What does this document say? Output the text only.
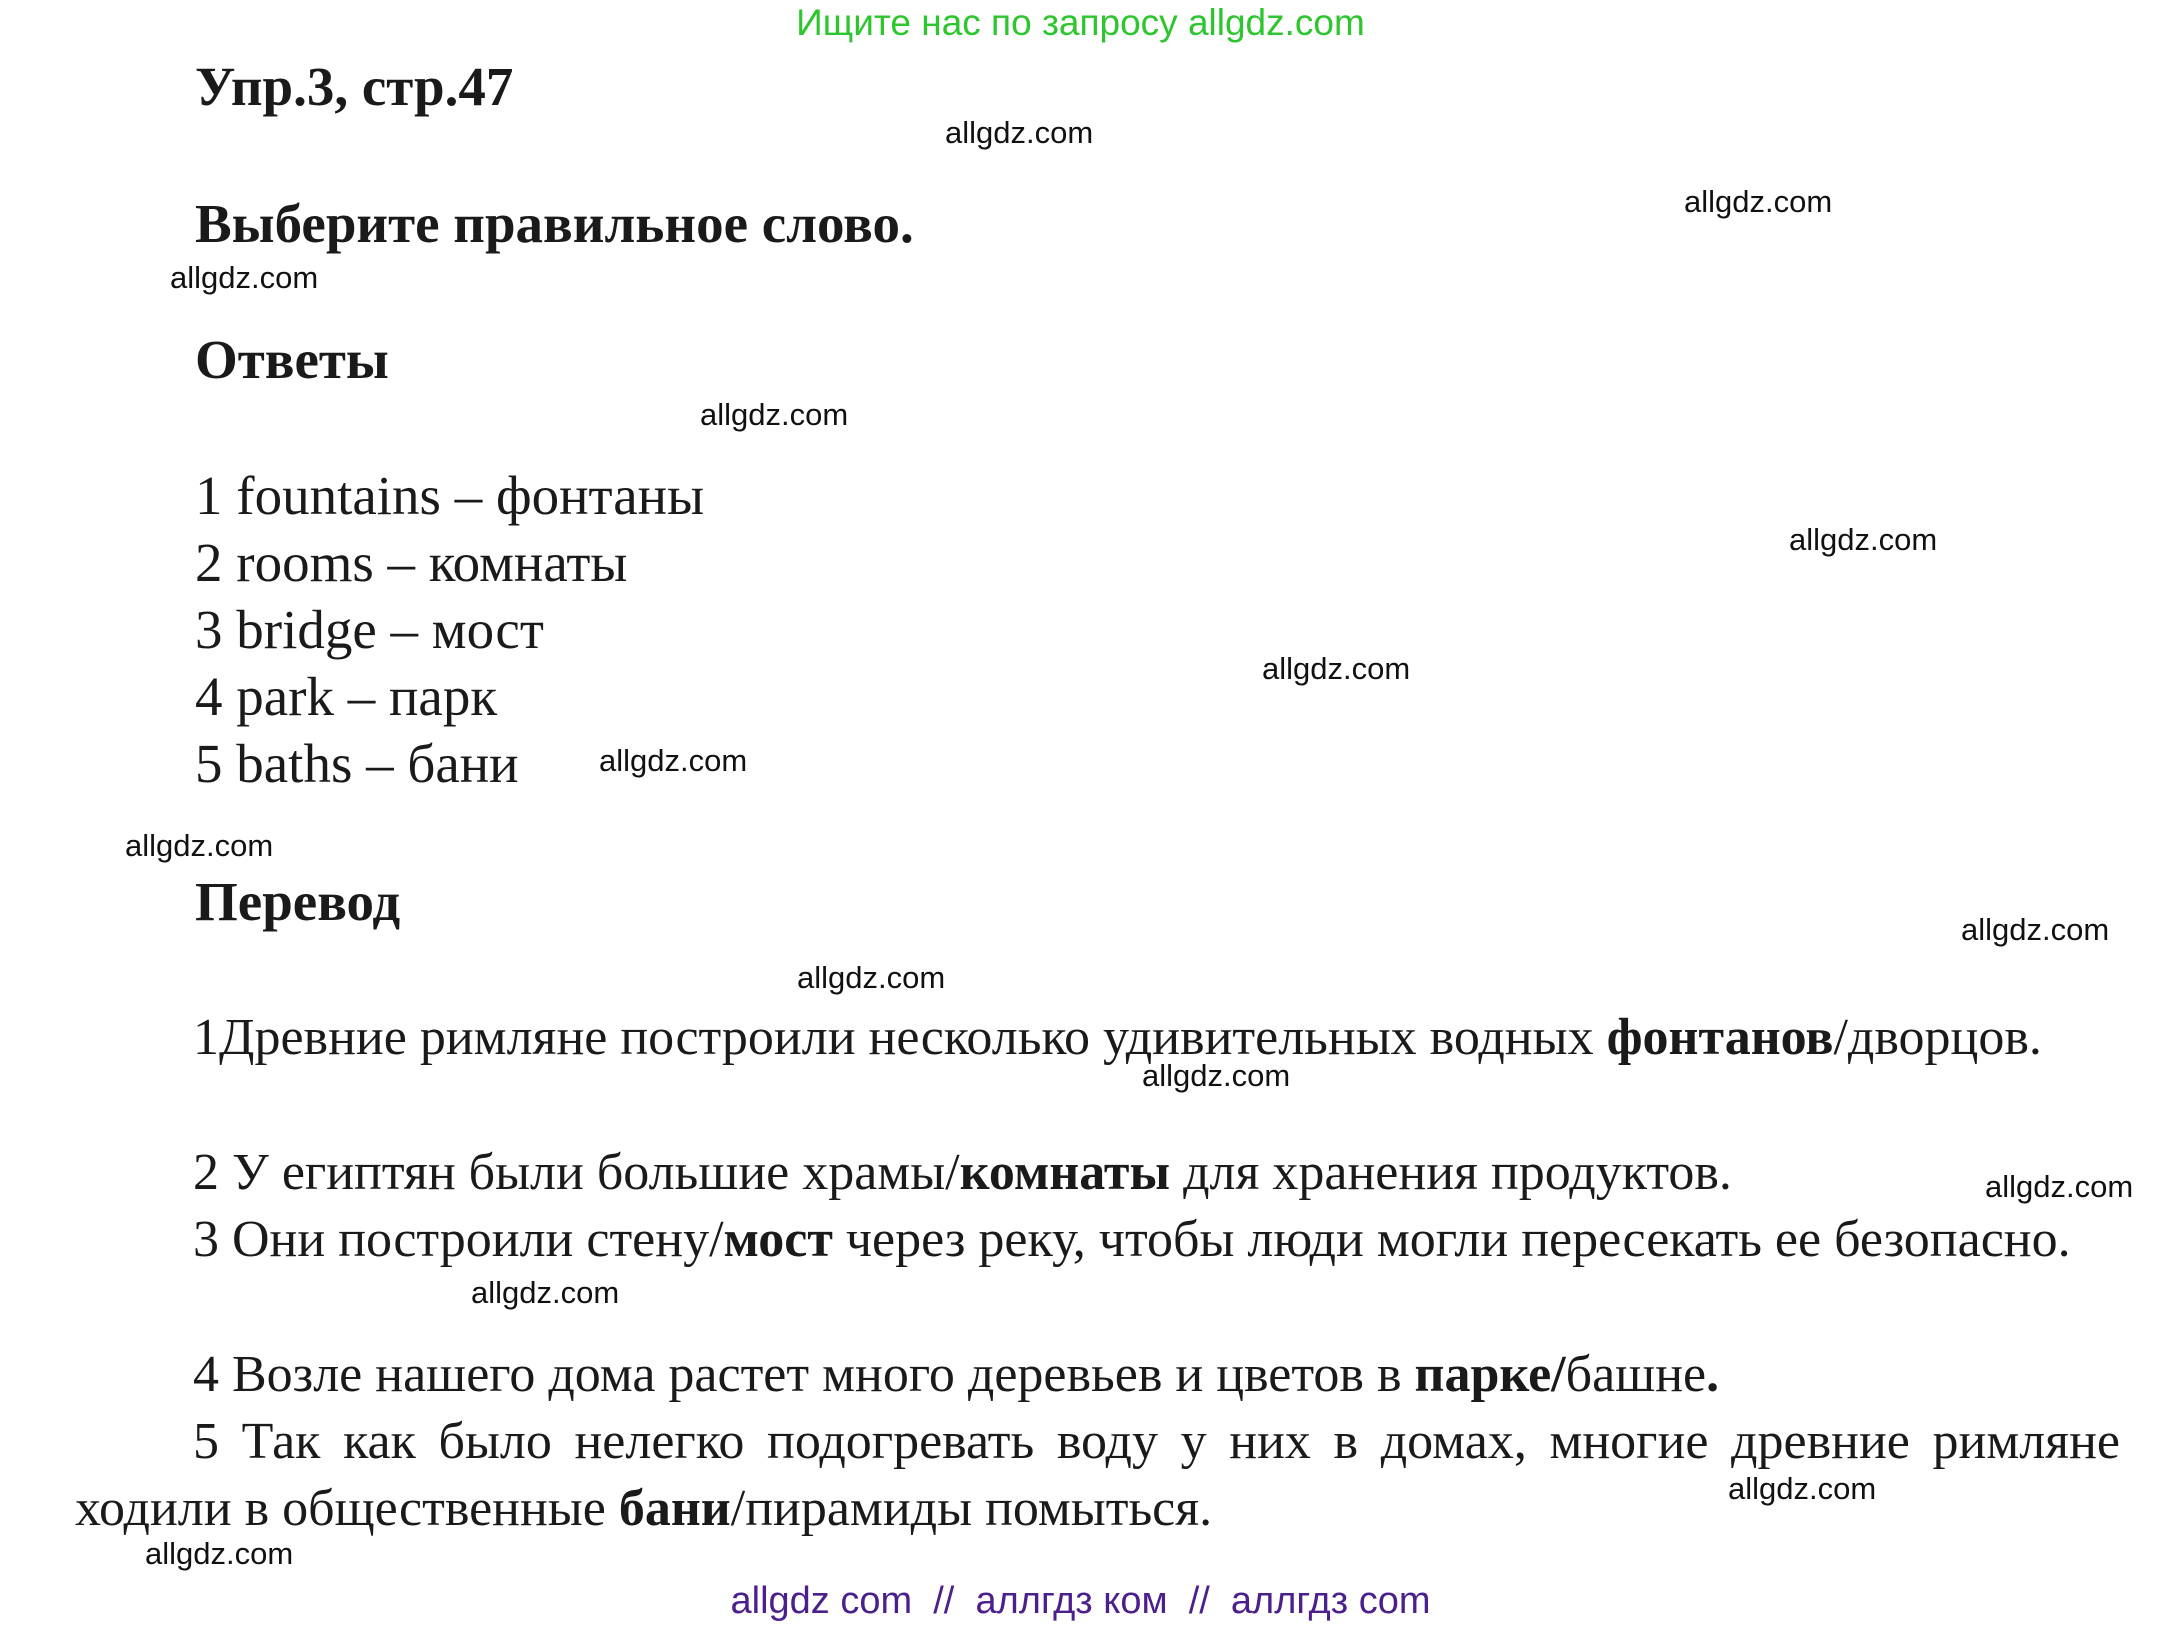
Ищите нас по запросу allgdz.com
Упр.3, стр.47
Выберите правильное слово.
Ответы
1 fountains – фонтаны
2 rooms – комнаты
3 bridge – мост
4 park – парк
5 baths – бани
Перевод
1Древние римляне построили несколько удивительных водных фонтанов/дворцов.
2 У египтян были большие храмы/комнаты для хранения продуктов.
3 Они построили стену/мост через реку, чтобы люди могли пересекать ее безопасно.
4 Возле нашего дома растет много деревьев и цветов в парке/башне.
5 Так как было нелегко подогревать воду у них в домах, многие древние римляне ходили в общественные бани/пирамиды помыться.
allgdz.com
allgdz.com
allgdz.com
allgdz.com
allgdz.com
allgdz.com
allgdz.com
allgdz.com
allgdz.com
allgdz.com
allgdz.com
allgdz.com
allgdz.com
allgdz.com
allgdz.com
allgdz com  //  аллгдз ком  //  аллгдз com
